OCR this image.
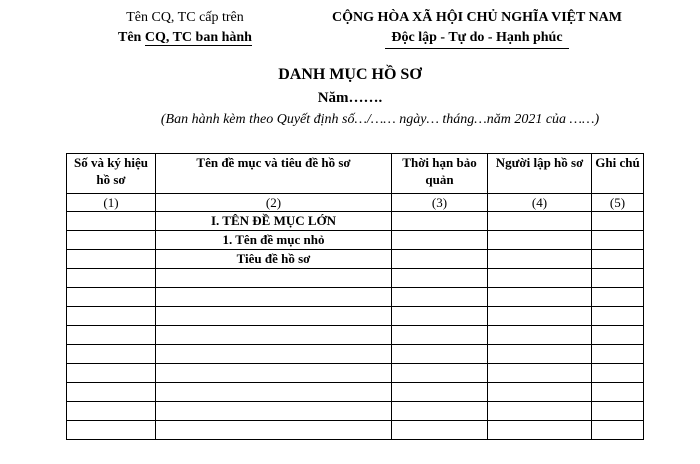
Tên CQ, TC cấp trên
Tên CQ, TC ban hành
CỘNG HÒA XÃ HỘI CHỦ NGHĨA VIỆT NAM
Độc lập - Tự do - Hạnh phúc
DANH MỤC HỒ SƠ
Năm…….
(Ban hành kèm theo Quyết định số…/…… ngày… tháng…năm 2021 của ……)
Số và ký hiệu hồ sơ	Tên đề mục và tiêu đề hồ sơ	Thời hạn bảo quản	Người lập hồ sơ	Ghi chú
(1)	(2)	(3)	(4)	(5)
	I. TÊN ĐỀ MỤC LỚN			
	1. Tên đề mục nhỏ			
	Tiêu đề hồ sơ			
